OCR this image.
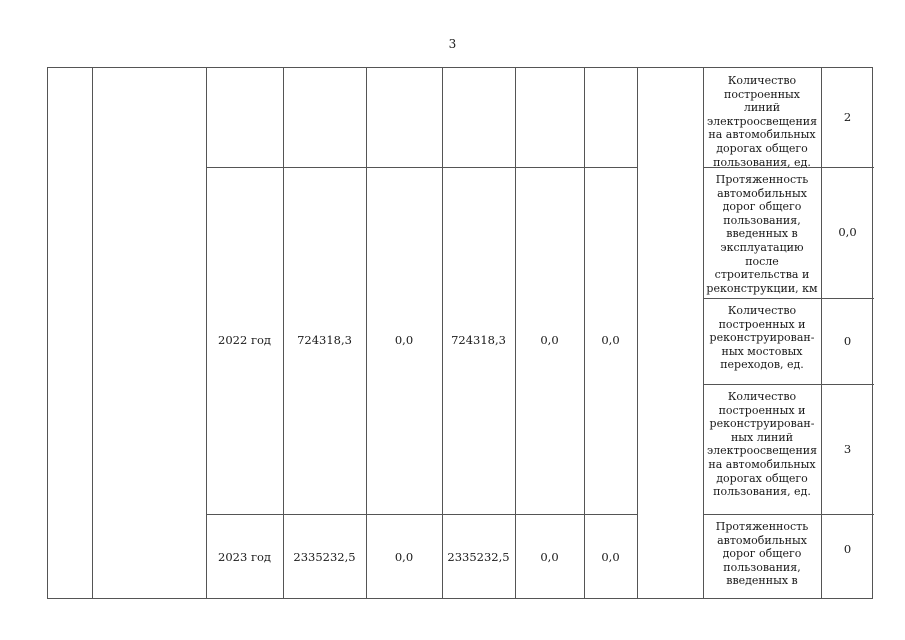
3
2022 год	724318,3	0,0	724318,3	0,0	0,0
2023 год	2335232,5	0,0	2335232,5	0,0	0,0
Количество построенных линий электроосвещения на автомобильных дорогах общего пользования, ед.
2
Протяженность автомобильных дорог общего пользования, введенных в эксплуатацию после строительства и реконструкции, км
0,0
Количество построенных и реконструирован-ных мостовых переходов, ед.
0
Количество построенных и реконструирован-ных линий электроосвещения на автомобильных дорогах общего пользования, ед.
3
Протяженность автомобильных дорог общего пользования, введенных в
0
